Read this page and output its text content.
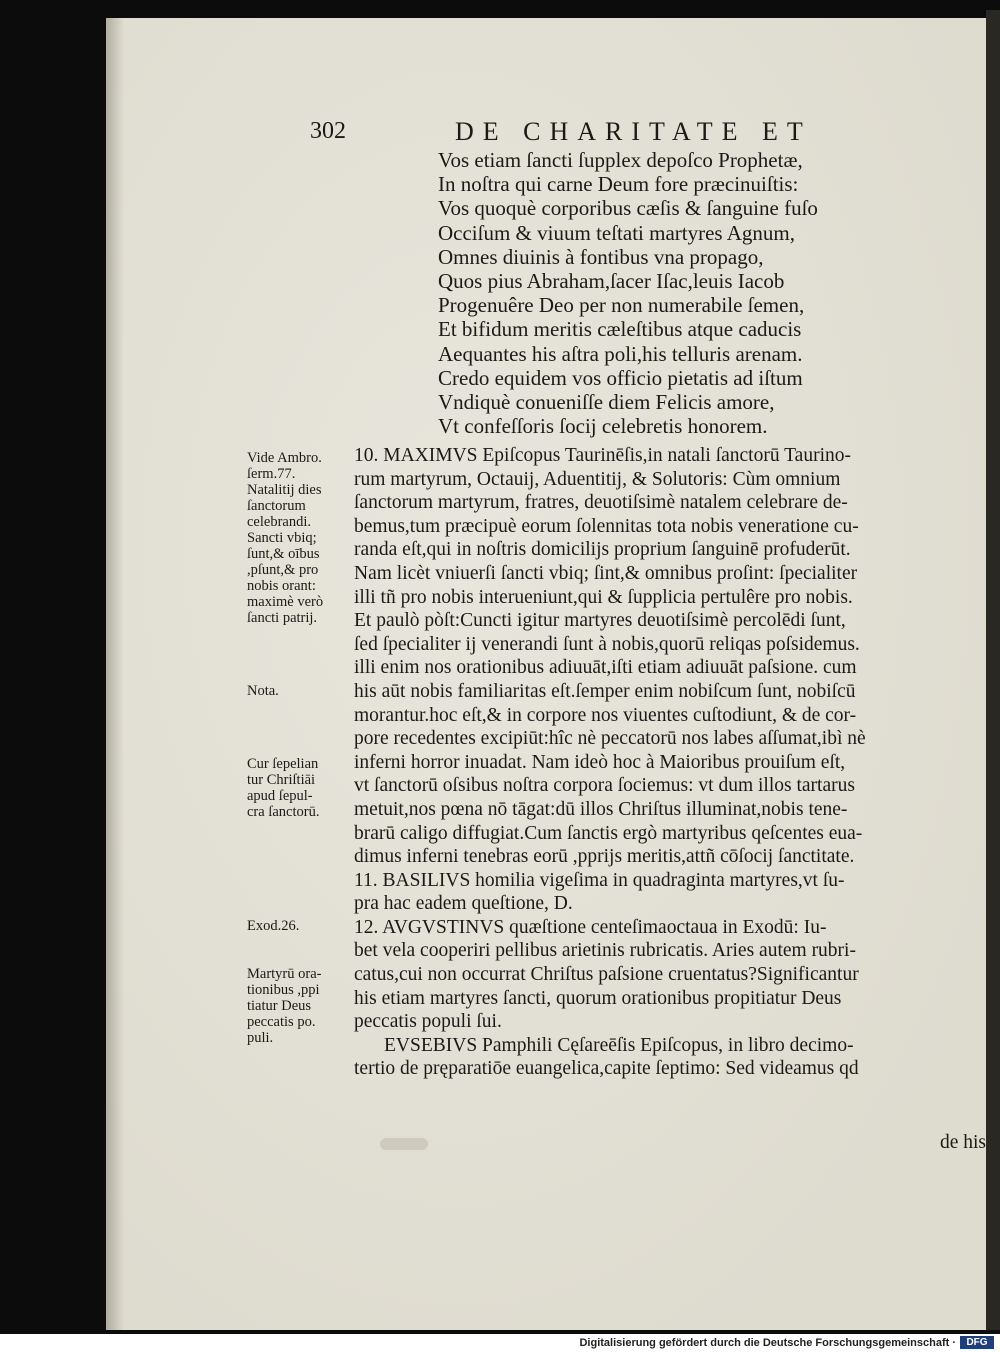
302	DE CHARITATE ET
Vos etiam ſancti ſupplex depoſco Prophetæ,
In noſtra qui carne Deum fore præcinuiſtis:
Vos quoquè corporibus cæſis & ſanguine fuſo
Occiſum & viuum teſtati martyres Agnum,
Omnes diuinis à fontibus vna propago,
Quos pius Abraham,ſacer Iſac,leuis Iacob
Progenuêre Deo per non numerabile ſemen,
Et bifidum meritis cæleſtibus atque caducis
Aequantes his aſtra poli,his telluris arenam.
Credo equidem vos officio pietatis ad iſtum
Vndiquè conueniſſe diem Felicis amore,
Vt confeſſoris ſocij celebretis honorem.
10. MAXIMVS Epiſcopus Taurinēſis,in natali ſanctorū Taurino-
rum martyrum, Octauij, Aduentitij, & Solutoris: Cùm omnium
ſanctorum martyrum, fratres, deuotiſsimè natalem celebrare de-
bemus,tum præcipuè eorum ſolennitas tota nobis veneratione cu-
randa eſt,qui in noſtris domicilijs proprium ſanguinē profuderūt.
Nam licèt vniuerſi ſancti vbiq; ſint,& omnibus proſint: ſpecialiter
illi tñ pro nobis interueniunt,qui & ſupplicia pertulêre pro nobis.
Et paulò pòſt:Cuncti igitur martyres deuotiſsimè percolēdi ſunt,
ſed ſpecialiter ij venerandi ſunt à nobis,quorū reliqas poſsidemus.
illi enim nos orationibus adiuuāt,iſti etiam adiuuāt paſsione. cum
his aūt nobis familiaritas eſt.ſemper enim nobiſcum ſunt, nobiſcū
morantur.hoc eſt,& in corpore nos viuentes cuſtodiunt, & de cor-
pore recedentes excipiūt:hîc nè peccatorū nos labes aſſumat,ibì nè
inferni horror inuadat. Nam ideò hoc à Maioribus prouiſum eſt,
vt ſanctorū oſsibus noſtra corpora ſociemus: vt dum illos tartarus
metuit,nos pœna nō tāgat:dū illos Chriſtus illuminat,nobis tene-
brarū caligo diffugiat.Cum ſanctis ergò martyribus qeſcentes eua-
dimus inferni tenebras eorū ,pprijs meritis,attñ cōſocij ſanctitate.
11. BASILIVS homilia vigeſima in quadraginta martyres,vt ſu-
pra hac eadem queſtione, D.
12. AVGVSTINVS quæſtione centeſimaoctaua in Exodū: Iu-
bet vela cooperiri pellibus arietinis rubricatis. Aries autem rubri-
catus,cui non occurrat Chriſtus paſsione cruentatus?Significantur
his etiam martyres ſancti, quorum orationibus propitiatur Deus
peccatis populi ſui.
EVSEBIVS Pamphili Cęſareēſis Epiſcopus, in libro decimo-
tertio de pręparatiōe euangelica,capite ſeptimo: Sed videamus qd
de his
Vide Ambro.
ſerm.77.
Natalitij dies
ſanctorum
celebrandi.
Sancti vbiq;
ſunt,& oībus
,pſunt,& pro
nobis orant:
maximè verò
ſancti patrij.
Nota.
Cur ſepelian
tur Chriſtiāi
apud ſepul-
cra ſanctorū.
Exod.26.
Martyrū ora-
tionibus ,ppi
tiatur Deus
peccatis po.
puli.
Digitalisierung gefördert durch die Deutsche Forschungsgemeinschaft ·	DFG
